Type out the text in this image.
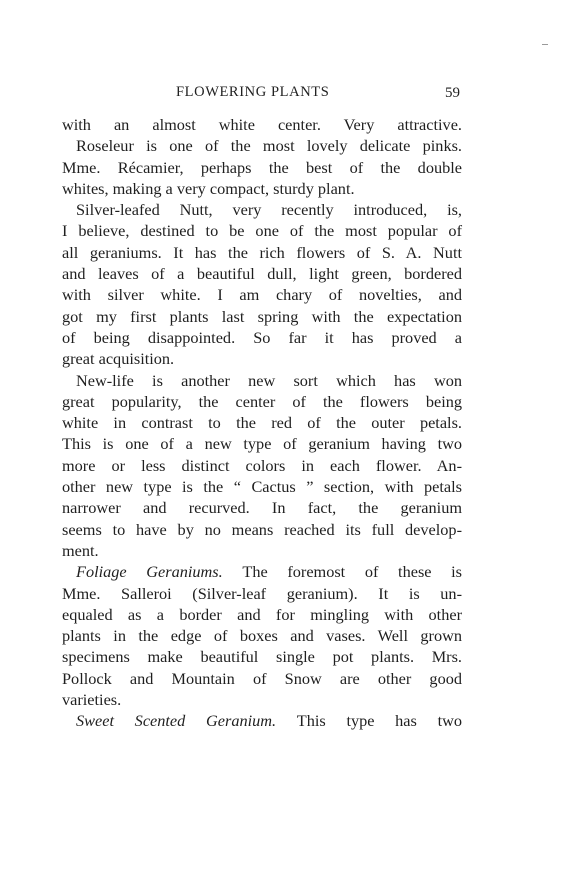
FLOWERING PLANTS	59
with an almost white center. Very attractive.
Roseleur is one of the most lovely delicate pinks.
Mme. Récamier, perhaps the best of the double
whites, making a very compact, sturdy plant.
Silver-leafed Nutt, very recently introduced, is,
I believe, destined to be one of the most popular of
all geraniums. It has the rich flowers of S. A. Nutt
and leaves of a beautiful dull, light green, bordered
with silver white. I am chary of novelties, and
got my first plants last spring with the expectation
of being disappointed. So far it has proved a
great acquisition.
New-life is another new sort which has won
great popularity, the center of the flowers being
white in contrast to the red of the outer petals.
This is one of a new type of geranium having two
more or less distinct colors in each flower. An-
other new type is the “ Cactus ” section, with petals
narrower and recurved. In fact, the geranium
seems to have by no means reached its full develop-
ment.
Foliage Geraniums. The foremost of these is
Mme. Salleroi (Silver-leaf geranium). It is un-
equaled as a border and for mingling with other
plants in the edge of boxes and vases. Well grown
specimens make beautiful single pot plants. Mrs.
Pollock and Mountain of Snow are other good
varieties.
Sweet Scented Geranium. This type has two
